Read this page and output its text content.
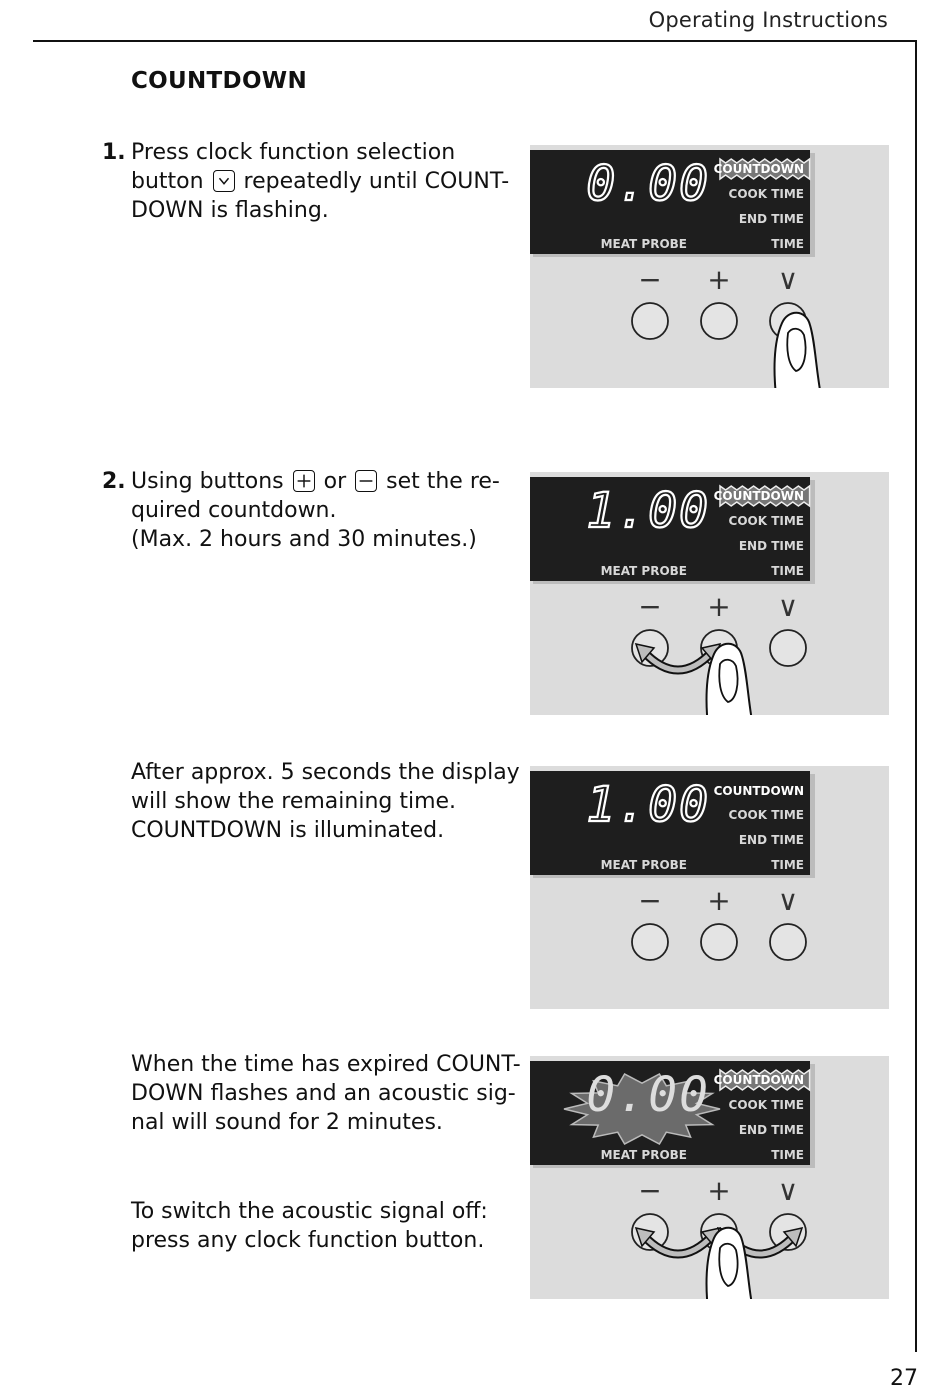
Operating Instructions
COUNTDOWN
1. Press clock function selection
button
repeatedly until COUNT-
DOWN is flashing.
2. Using buttons
or
set the re-
quired countdown.
(Max. 2 hours and 30 minutes.)
After approx. 5 seconds the display
will show the remaining time.
COUNTDOWN is illuminated.
When the time has expired COUNT-
DOWN flashes and an acoustic sig-
nal will sound for 2 minutes.
To switch the acoustic signal off:
press any clock function button.
0.00 COUNTDOWN
COOK TIME
END TIME
TIME
MEAT PROBE
− + ∨
1.00 COUNTDOWN
COOK TIME
END TIME
TIME
MEAT PROBE
− + ∨
1.00 COUNTDOWN
COOK TIME
END TIME
TIME
MEAT PROBE
− + ∨
0.00 COUNTDOWN
COOK TIME
END TIME
TIME
MEAT PROBE
− + ∨
27
